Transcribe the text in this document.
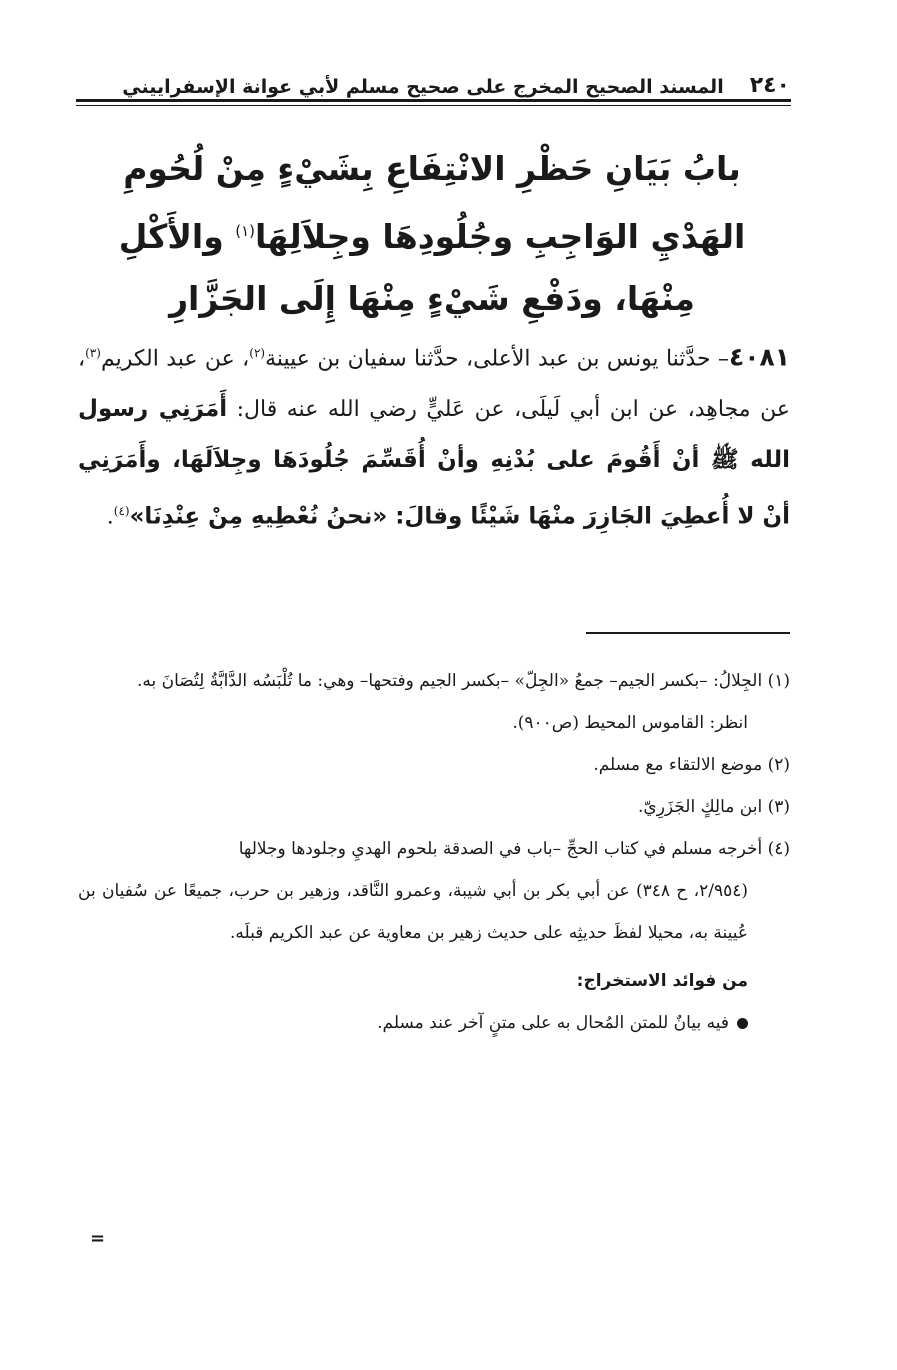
٢٤٠
المسند الصحيح المخرج على صحيح مسلم لأبي عوانة الإسفراييني
بابُ بَيَانِ حَظْرِ الانْتِفَاعِ بِشَيْءٍ مِنْ لُحُومِ الهَدْيِ الوَاجِبِ وجُلُودِهَا وجِلاَلِهَا$^{(١)}$ والأَكْلِ مِنْهَا، ودَفْعِ شَيْءٍ مِنْهَا إِلَى الجَزَّارِ

٤٠٨١– حدَّثنا يونس بن عبد الأعلى، حدَّثنا سفيان بن عيينة$^{(٢)}$، عن عبد الكريم$^{(٣)}$، عن مجاهِد، عن ابن أبي لَيلَى، عن عَليٍّ رضي الله عنه قال: أَمَرَنِي رسول الله ﷺ أنْ أَقُومَ على بُدْنِهِ وأنْ أُقَسِّمَ جُلُودَهَا وجِلاَلَهَا، وأَمَرَنِي أنْ لا أُعطِيَ الجَازِرَ منْهَا شَيْئًا وقالَ: «نحنُ نُعْطِيهِ مِنْ عِنْدِنَا»$^{(٤)}$.

(١) الجِلالُ: –بكسر الجيم– جمعُ «الجِلّ» –بكسر الجيم وفتحها– وهي: ما تُلْبَسُه الدَّابَّةُ لِتُصَانَ به.

انظر: القاموس المحيط (ص٩٠٠).

(٢) موضع الالتقاء مع مسلم.

(٣) ابن مالِكٍ الجَزَرِيّ.

(٤) أخرجه مسلم في كتاب الحجِّ –باب في الصدقة بلحوم الهديِ وجلودها وجلالها

(٢/٩٥٤، ح ٣٤٨) عن أبي بكر بن أبي شيبة، وعمرو النَّاقد، وزهير بن حرب، جميعًا عن سُفيان بن عُيينة به، محيلا لفظَ حديثِه على حديث زهير بن معاوية عن عبد الكريم قبلَه.

من فوائد الاستخراج:

فيه بيانٌ للمتن المُحال به على متنٍ آخر عند مسلم.

=
